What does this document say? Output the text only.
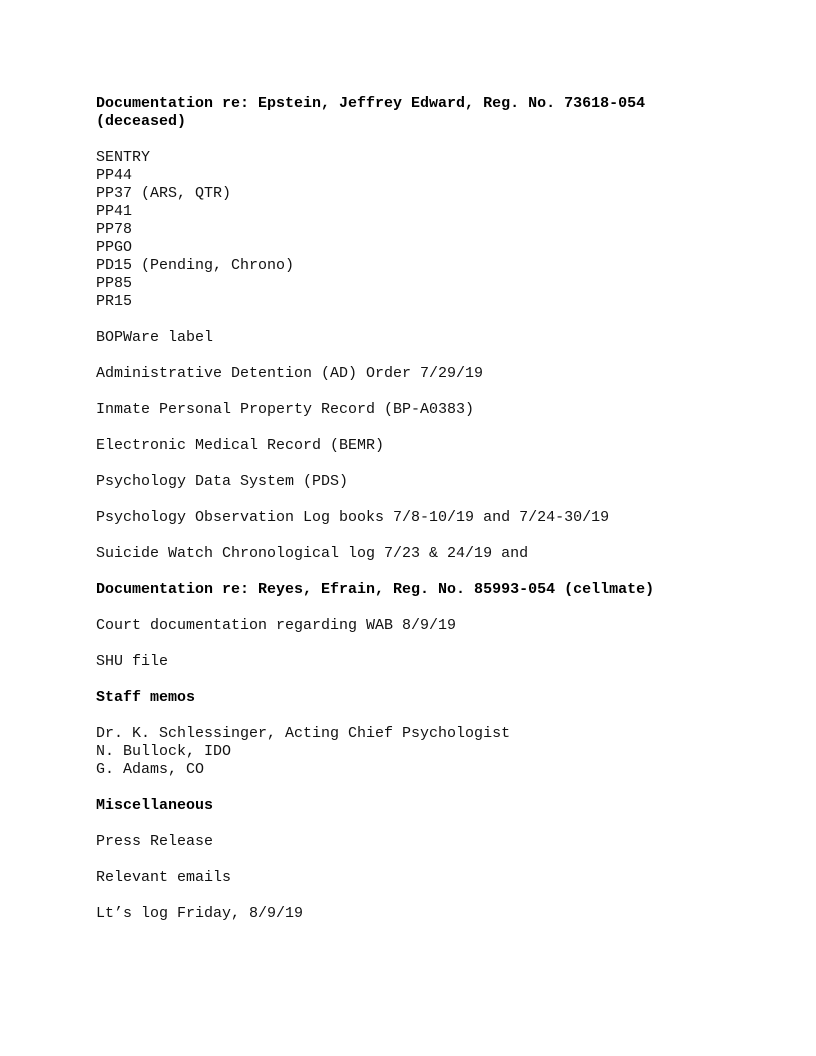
Documentation re: Epstein, Jeffrey Edward, Reg. No. 73618-054
(deceased)
SENTRY
PP44
PP37 (ARS, QTR)
PP41
PP78
PPGO
PD15 (Pending, Chrono)
PP85
PR15
BOPWare label
Administrative Detention (AD) Order 7/29/19
Inmate Personal Property Record (BP-A0383)
Electronic Medical Record (BEMR)
Psychology Data System (PDS)
Psychology Observation Log books 7/8-10/19 and 7/24-30/19
Suicide Watch Chronological log 7/23 & 24/19 and
Documentation re: Reyes, Efrain, Reg. No. 85993-054 (cellmate)
Court documentation regarding WAB 8/9/19
SHU file
Staff memos
Dr. K. Schlessinger, Acting Chief Psychologist
N. Bullock, IDO
G. Adams, CO
Miscellaneous
Press Release
Relevant emails
Lt’s log Friday, 8/9/19
